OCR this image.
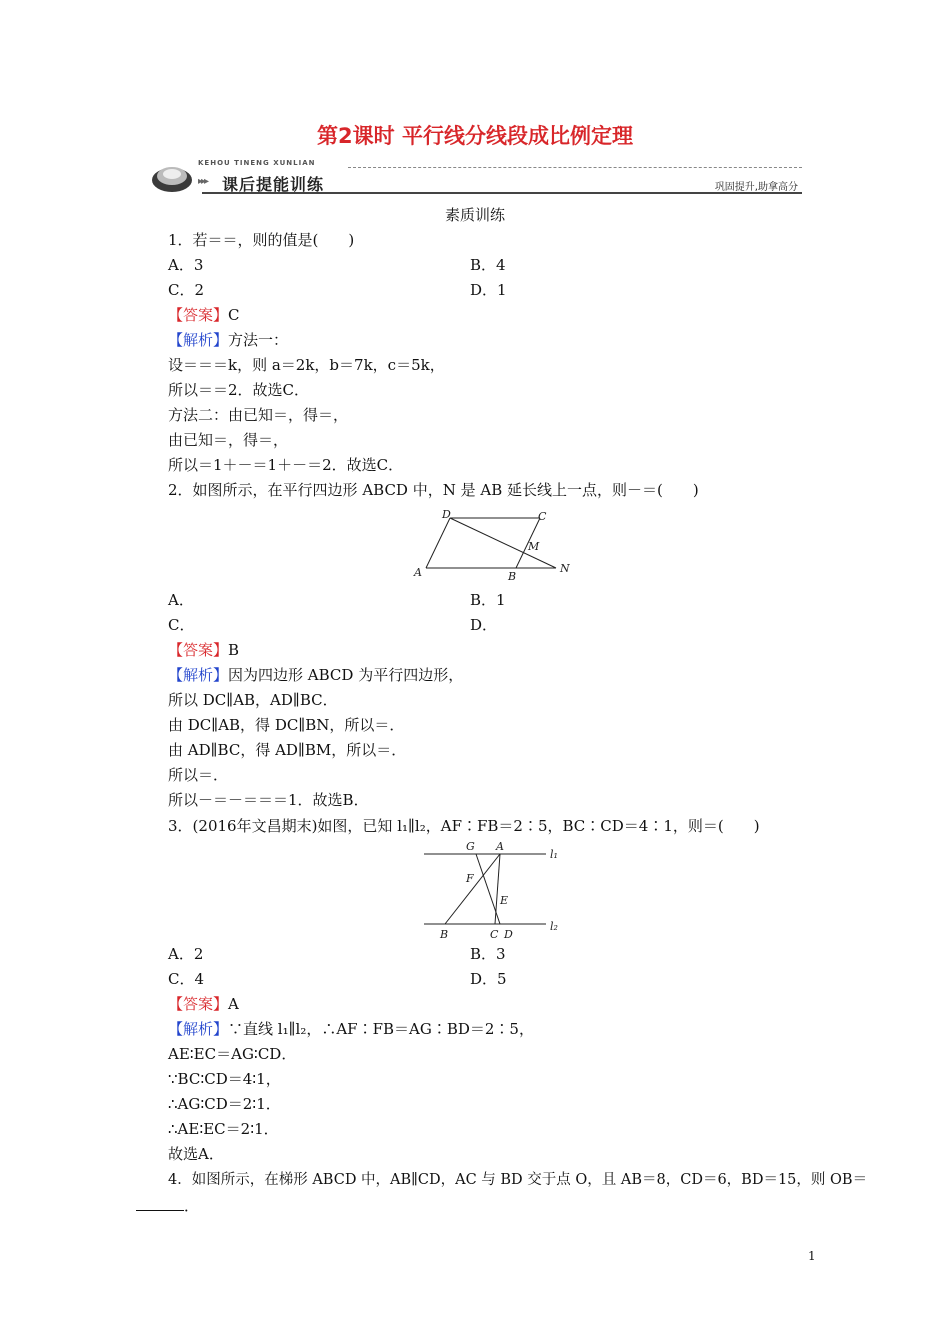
第2课时 平行线分线段成比例定理
KEHOU TINENG XUNLIAN
▸▸▸ 课后提能训练	巩固提升,助拿高分
素质训练
1．若＝＝，则的值是(　　)
A．3	B．4
C．2	D．1
【答案】C
【解析】方法一：
设＝＝＝k，则 a＝2k，b＝7k，c＝5k，
所以＝＝2．故选C．
方法二：由已知＝，得＝，
由已知＝，得＝，
所以＝1＋－＝1＋－＝2．故选C．
2．如图所示，在平行四边形 ABCD 中，N 是 AB 延长线上一点，则－＝(　　)
D	C
M
A	B
N
A．	B．1
C．	D．
【答案】B
【解析】因为四边形 ABCD 为平行四边形，
所以 DC∥AB，AD∥BC．
由 DC∥AB，得 DC∥BN，所以＝．
由 AD∥BC，得 AD∥BM，所以＝．
所以＝．
所以－＝－＝＝＝1．故选B．
3．(2016年文昌期末)如图，已知 l₁∥l₂，AF∶FB＝2∶5，BC∶CD＝4∶1，则＝(　　)
G A
l₁
F
E
B	C D
l₂
A．2	B．3
C．4	D．5
【答案】A
【解析】∵直线 l₁∥l₂，∴AF∶FB＝AG∶BD＝2∶5，
AE∶EC＝AG∶CD．
∵BC∶CD＝4∶1，
∴AG∶CD＝2∶1．
∴AE∶EC＝2∶1．
故选A．
4．如图所示，在梯形 ABCD 中，AB∥CD，AC 与 BD 交于点 O，且 AB＝8，CD＝6，BD＝15，则 OB＝
．
1
